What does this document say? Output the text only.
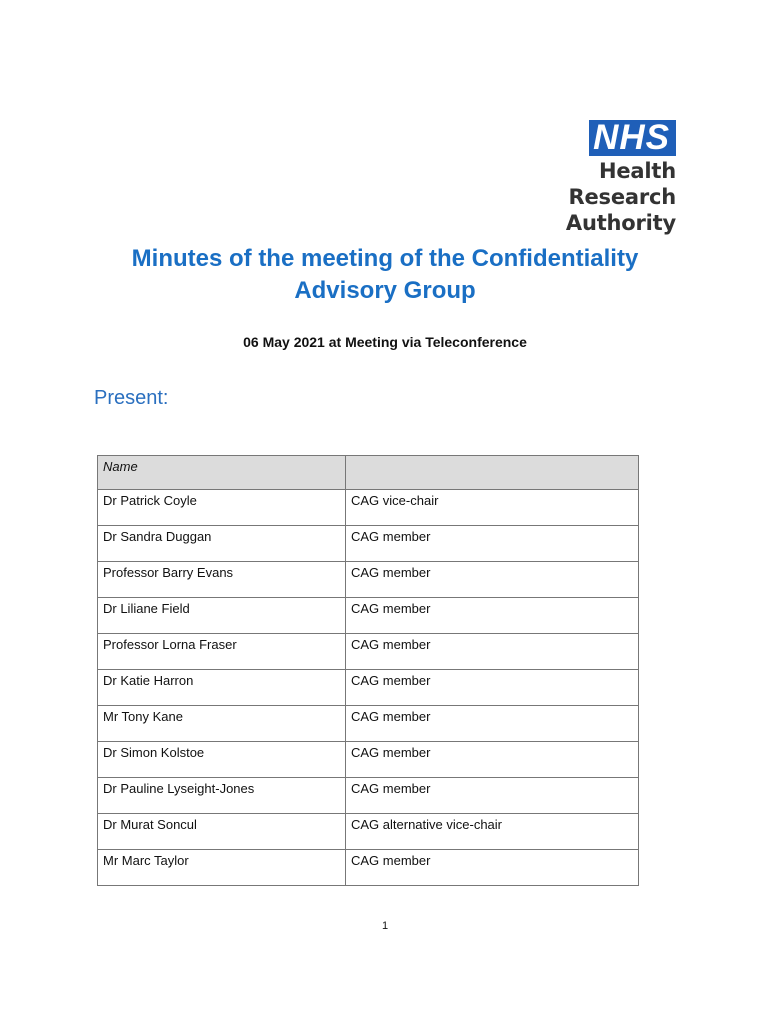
NHS
Health Research
Authority
Minutes of the meeting of the Confidentiality
Advisory Group
06 May 2021 at Meeting via Teleconference
Present:
Name	
Dr Patrick Coyle	CAG vice-chair
Dr Sandra Duggan	CAG member
Professor Barry Evans	CAG member
Dr Liliane Field	CAG member
Professor Lorna Fraser	CAG member
Dr Katie Harron	CAG member
Mr Tony Kane	CAG member
Dr Simon Kolstoe	CAG member
Dr Pauline Lyseight-Jones	CAG member
Dr Murat Soncul	CAG alternative vice-chair
Mr Marc Taylor	CAG member
1
